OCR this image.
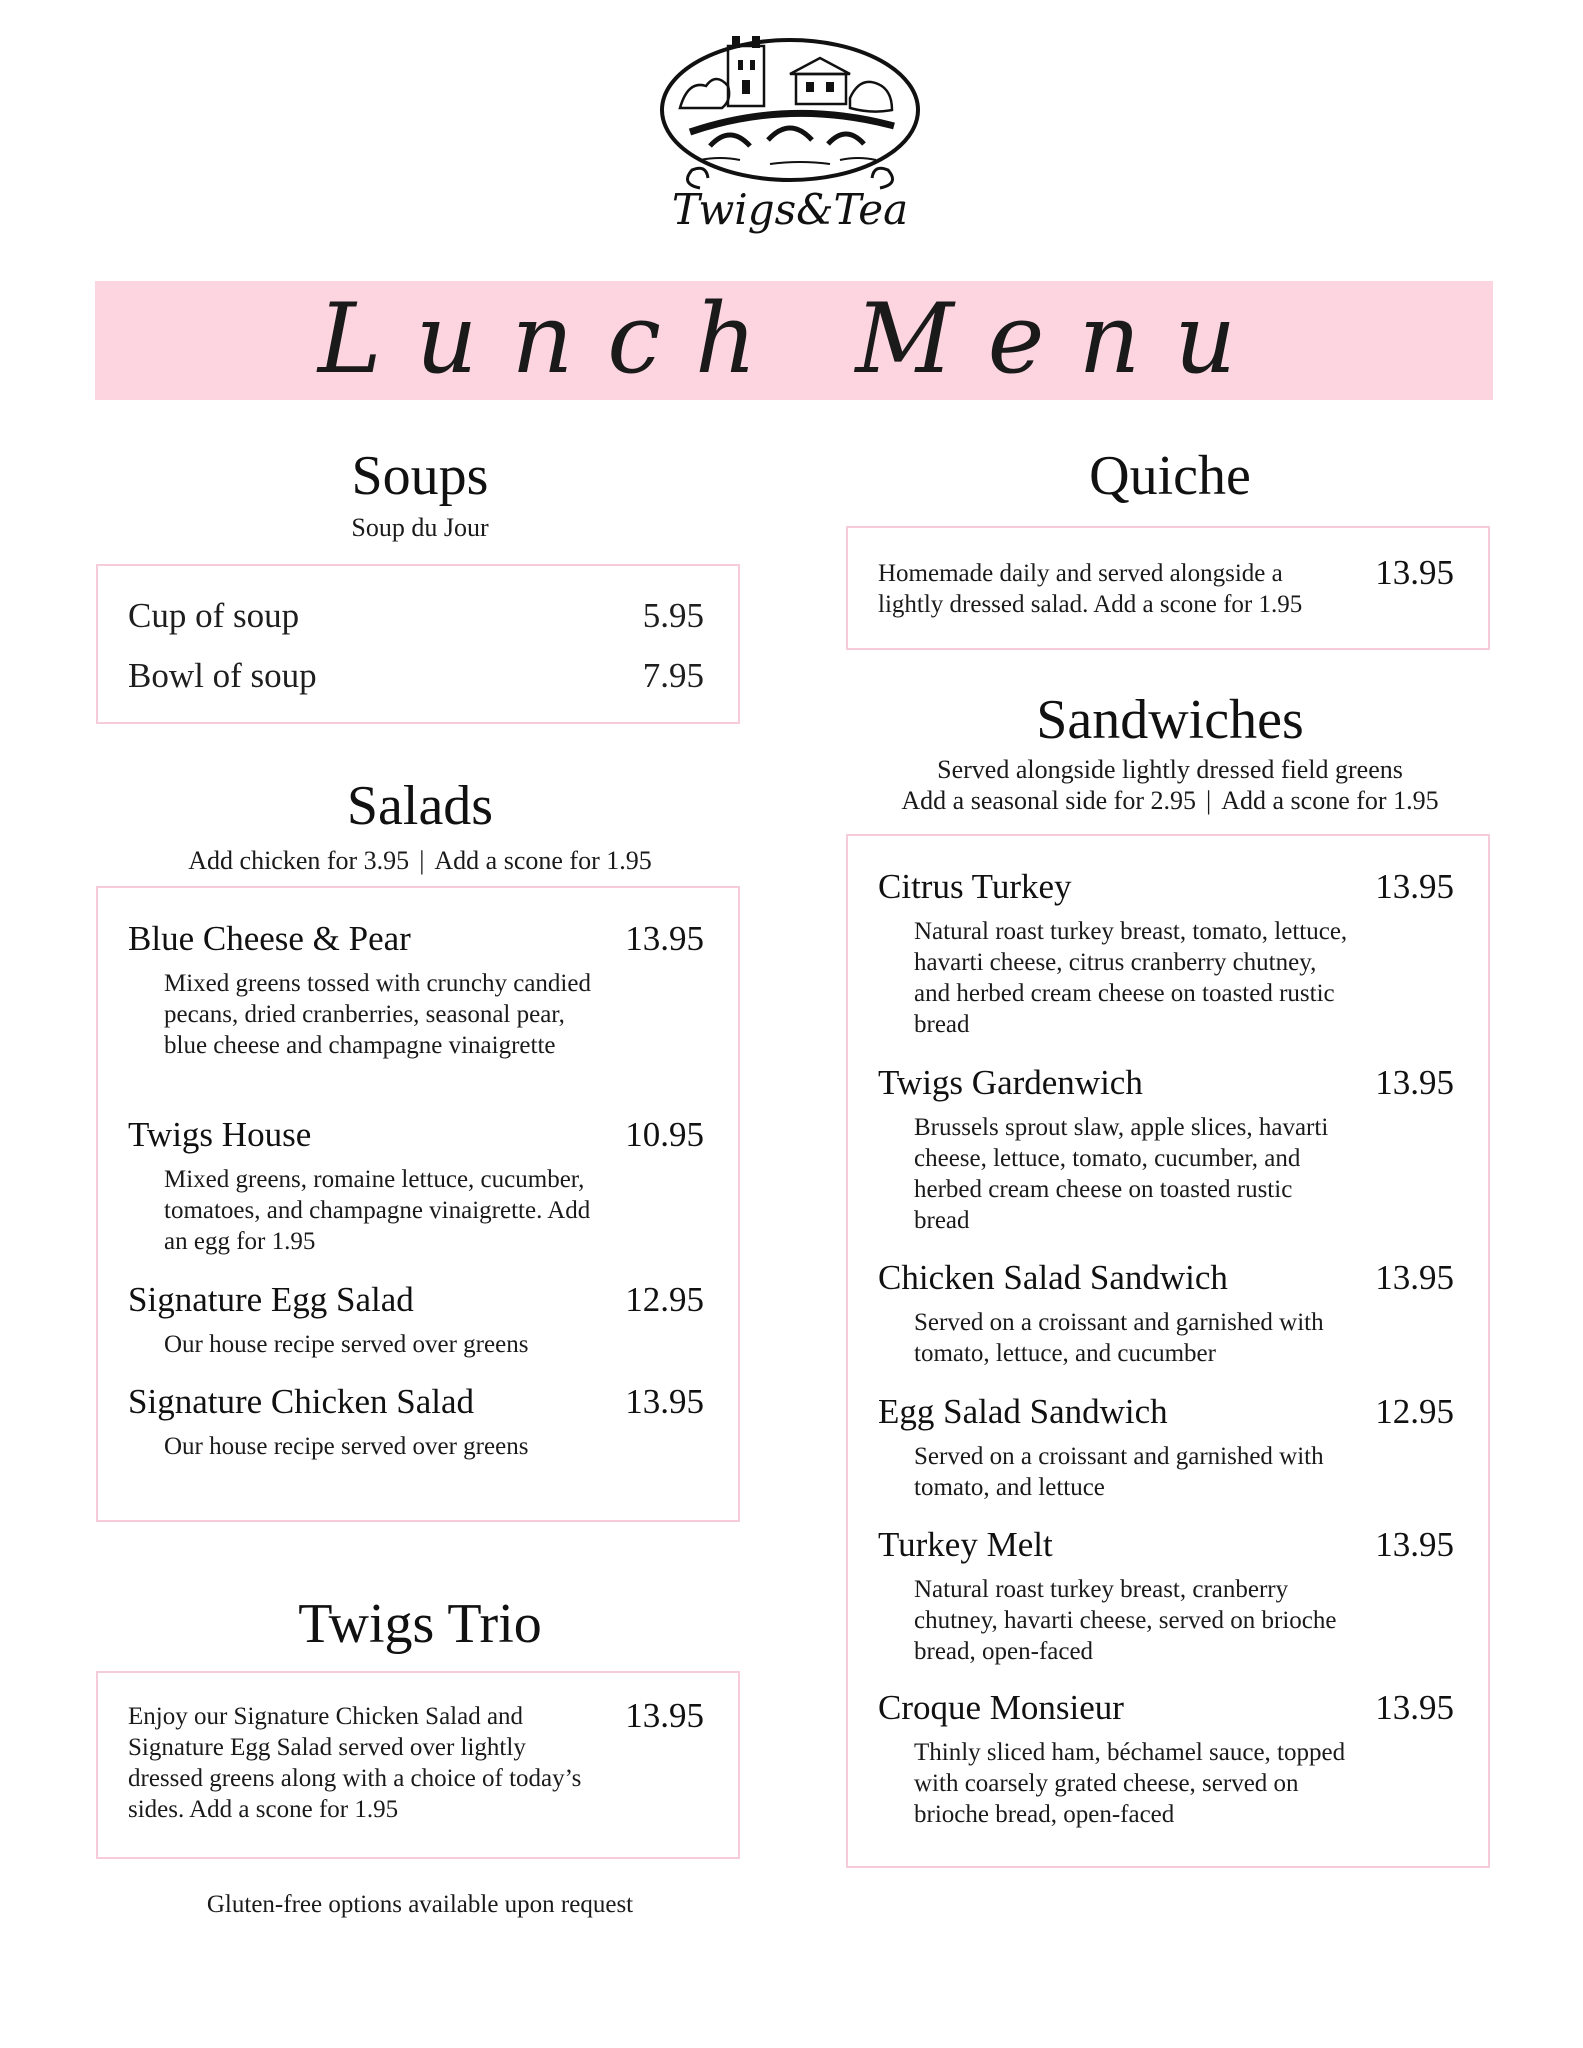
Twigs&Tea
Lunch Menu
Soups
Soup du Jour
Cup of soup	5.95
Bowl of soup	7.95
Salads
Add chicken for 3.95 | Add a scone for 1.95
Blue Cheese & Pear	13.95
Mixed greens tossed with crunchy candied pecans, dried cranberries, seasonal pear, blue cheese and champagne vinaigrette
Twigs House	10.95
Mixed greens, romaine lettuce, cucumber, tomatoes, and champagne vinaigrette. Add an egg for 1.95
Signature Egg Salad	12.95
Our house recipe served over greens
Signature Chicken Salad	13.95
Our house recipe served over greens
Twigs Trio
Enjoy our Signature Chicken Salad and Signature Egg Salad served over lightly dressed greens along with a choice of today’s sides. Add a scone for 1.95
13.95
Gluten-free options available upon request
Quiche
Homemade daily and served alongside a lightly dressed salad. Add a scone for 1.95
13.95
Sandwiches
Served alongside lightly dressed field greens
Add a seasonal side for 2.95 | Add a scone for 1.95
Citrus Turkey	13.95
Natural roast turkey breast, tomato, lettuce, havarti cheese, citrus cranberry chutney, and herbed cream cheese on toasted rustic bread
Twigs Gardenwich	13.95
Brussels sprout slaw, apple slices, havarti cheese, lettuce, tomato, cucumber, and herbed cream cheese on toasted rustic bread
Chicken Salad Sandwich	13.95
Served on a croissant and garnished with tomato, lettuce, and cucumber
Egg Salad Sandwich	12.95
Served on a croissant and garnished with tomato, and lettuce
Turkey Melt	13.95
Natural roast turkey breast, cranberry chutney, havarti cheese, served on brioche bread, open-faced
Croque Monsieur	13.95
Thinly sliced ham, béchamel sauce, topped with coarsely grated cheese, served on brioche bread, open-faced
